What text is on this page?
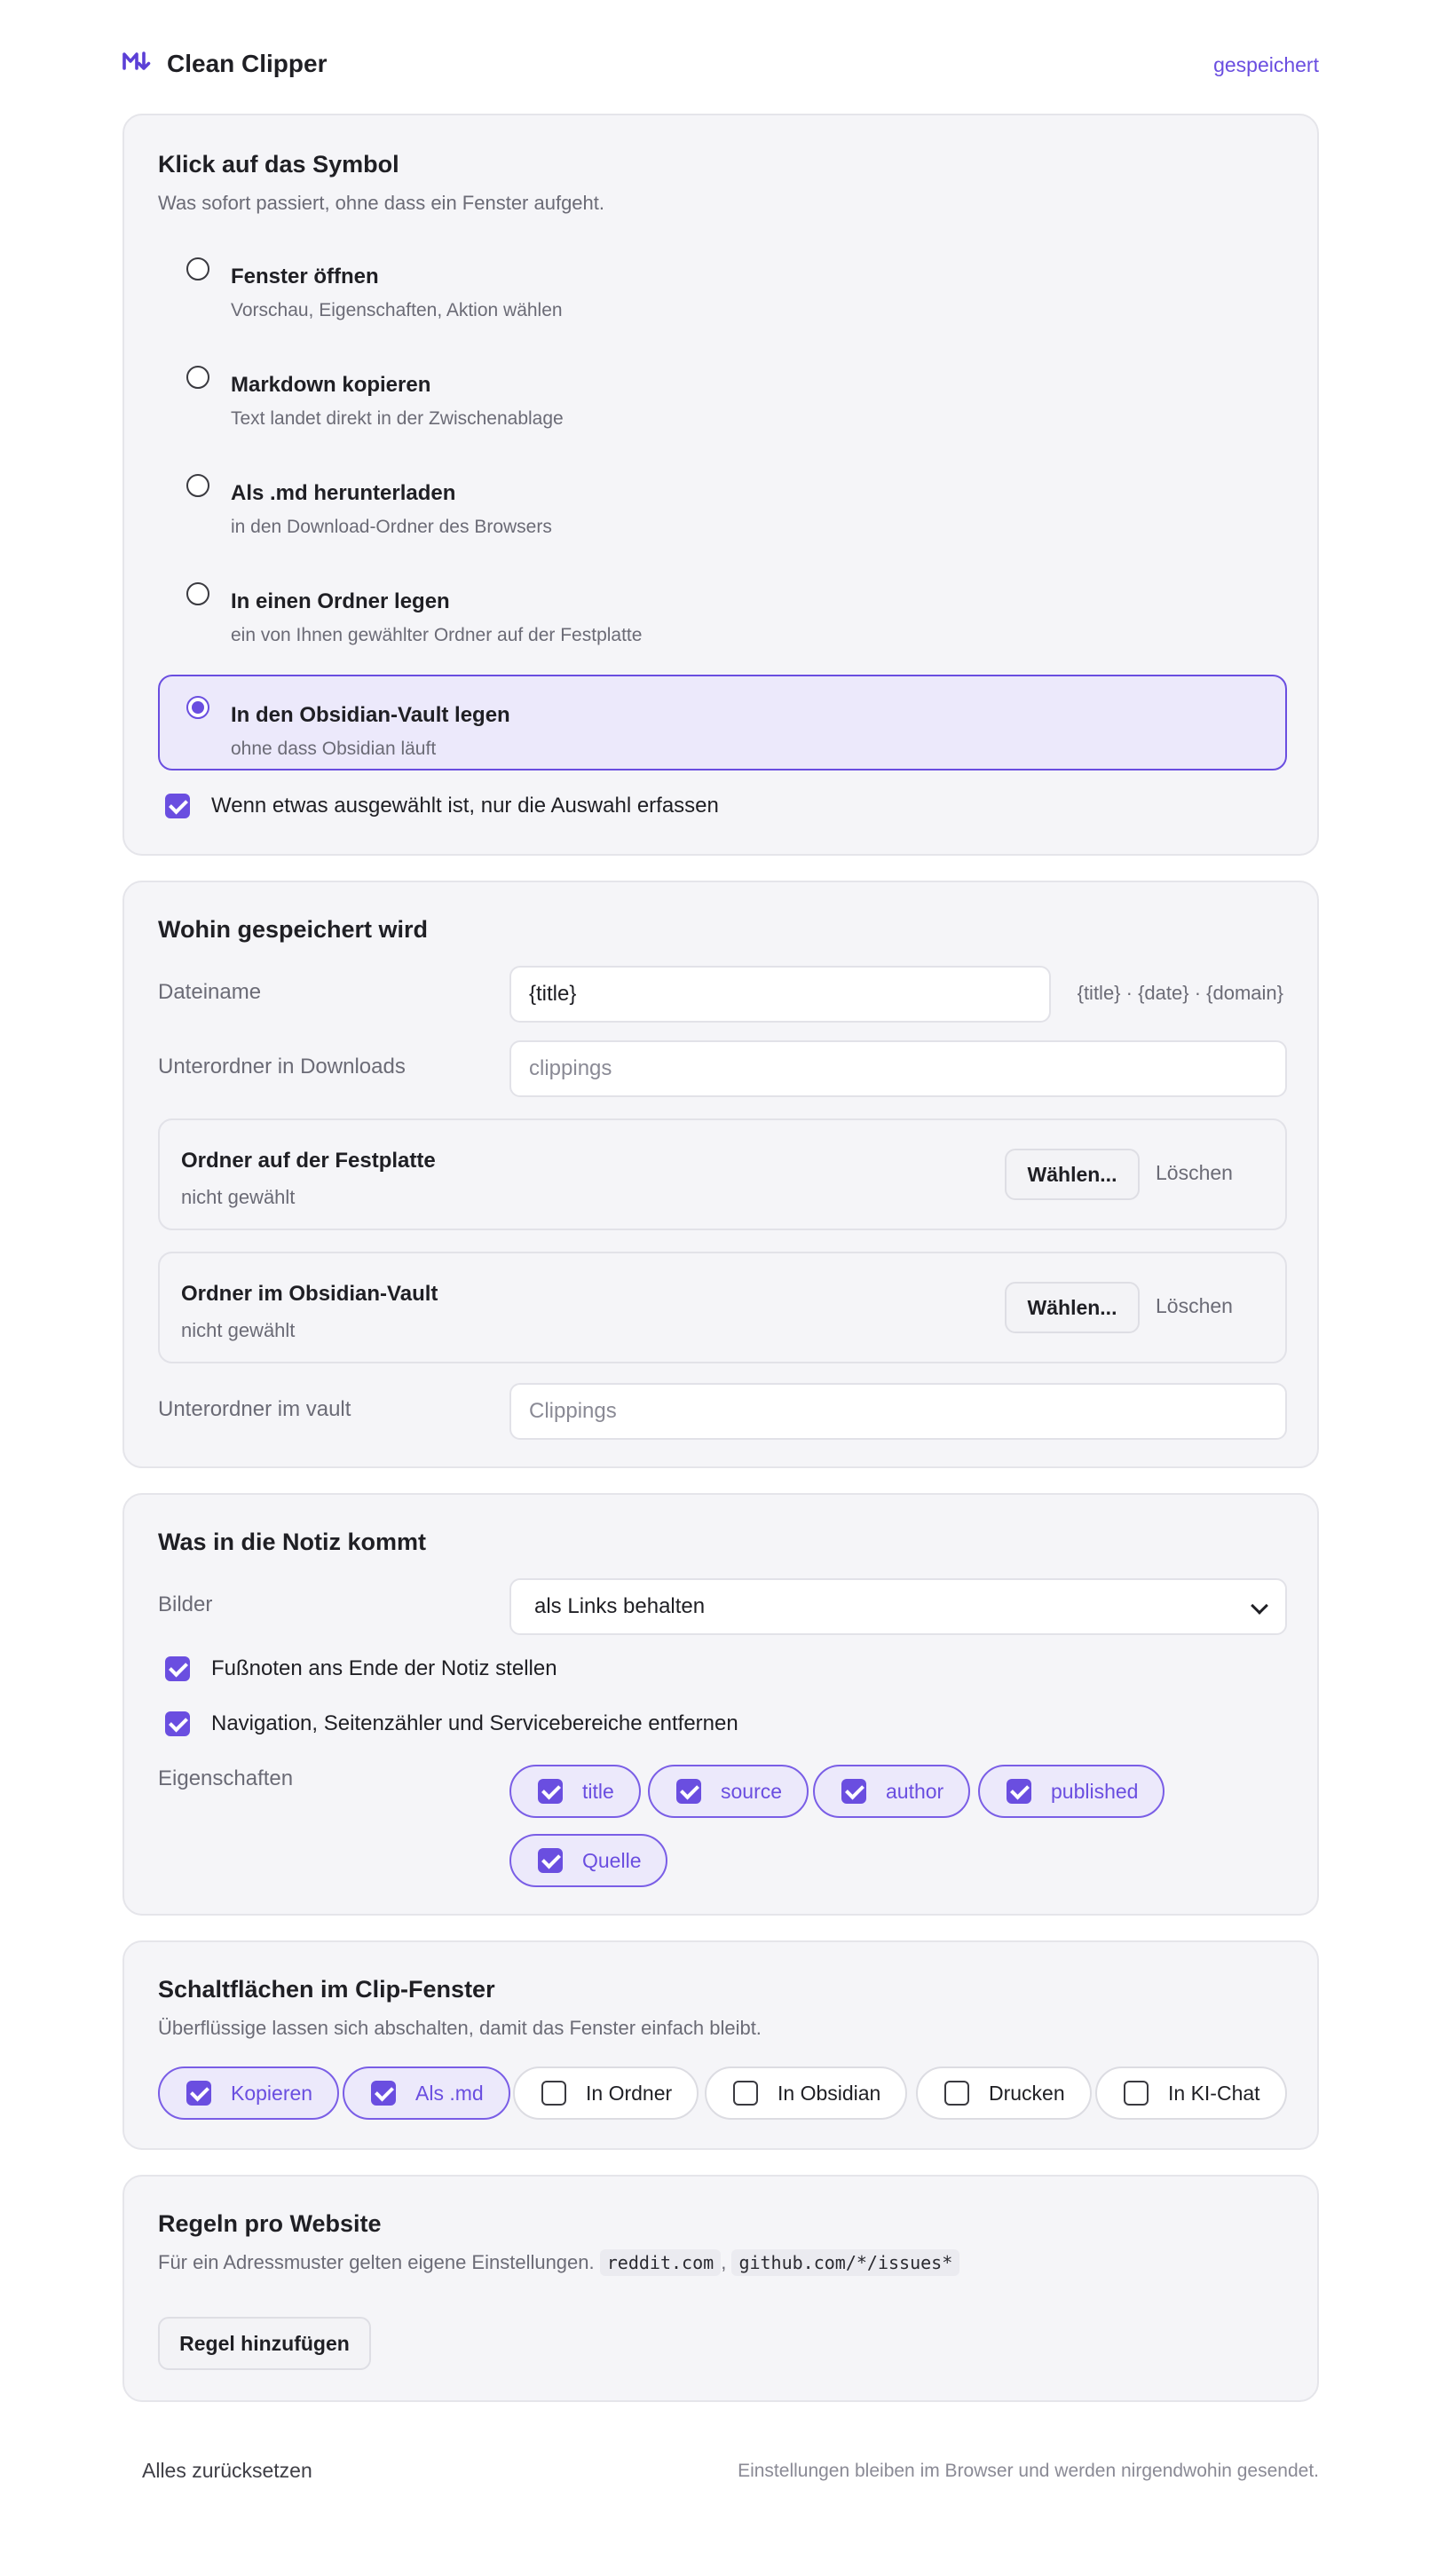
Clean Clipper	gespeichert
Klick auf das Symbol
Was sofort passiert, ohne dass ein Fenster aufgeht.
Fenster öffnen
Vorschau, Eigenschaften, Aktion wählen
Markdown kopieren
Text landet direkt in der Zwischenablage
Als .md herunterladen
in den Download-Ordner des Browsers
In einen Ordner legen
ein von Ihnen gewählter Ordner auf der Festplatte
In den Obsidian-Vault legen
ohne dass Obsidian läuft
Wenn etwas ausgewählt ist, nur die Auswahl erfassen
Wohin gespeichert wird
Dateiname
{title}	{title} · {date} · {domain}
Unterordner in Downloads
clippings
Ordner auf der Festplatte
nicht gewählt
Wählen...	Löschen
Ordner im Obsidian-Vault
nicht gewählt
Wählen...	Löschen
Unterordner im vault
Clippings
Was in die Notiz kommt
Bilder	als Links behalten
Fußnoten ans Ende der Notiz stellen
Navigation, Seitenzähler und Servicebereiche entfernen
Eigenschaften
title	source	author	published
Quelle
Schaltflächen im Clip-Fenster
Überflüssige lassen sich abschalten, damit das Fenster einfach bleibt.
Kopieren	Als .md	In Ordner	In Obsidian	Drucken	In KI-Chat
Regeln pro Website
Für ein Adressmuster gelten eigene Einstellungen. reddit.com , github.com/*/issues*
Regel hinzufügen
Alles zurücksetzen	Einstellungen bleiben im Browser und werden nirgendwohin gesendet.
